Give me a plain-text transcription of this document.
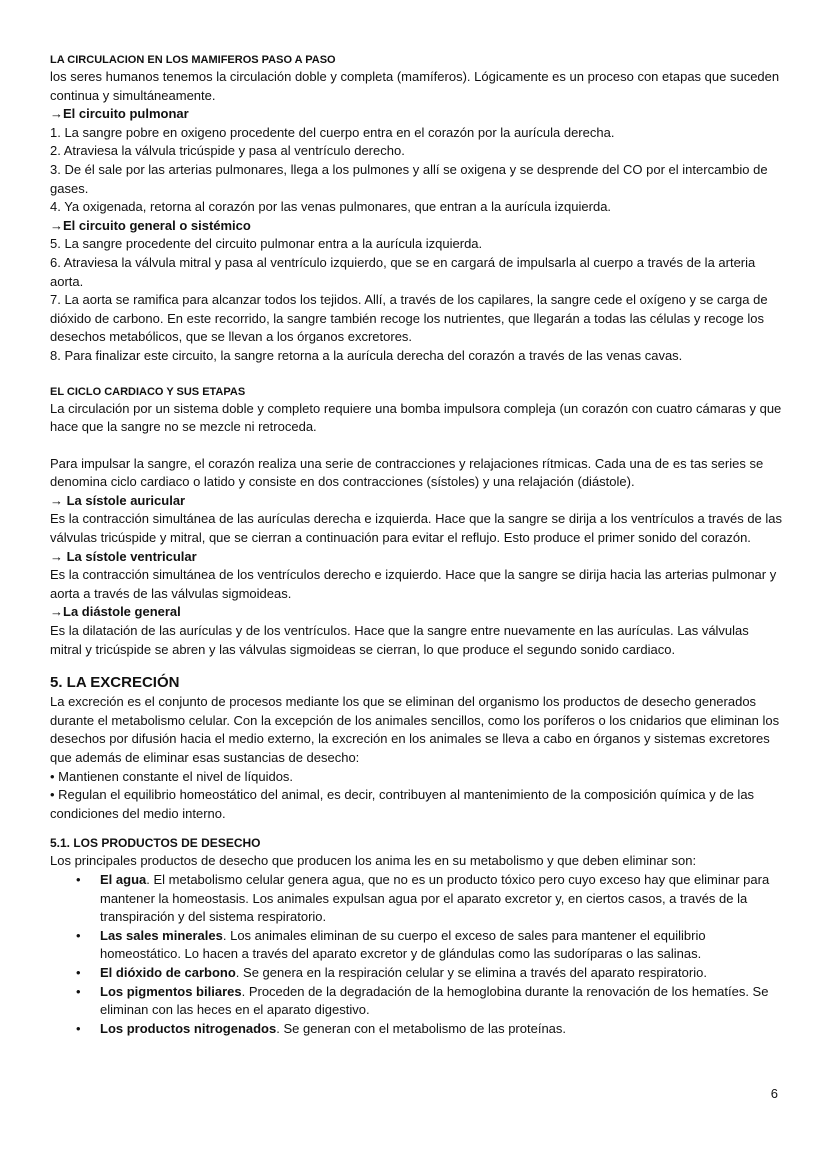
LA CIRCULACION EN LOS MAMIFEROS PASO A PASO

los seres humanos tenemos la circulación doble y completa (mamíferos). Lógicamente es un proceso con etapas que suceden continua y simultáneamente.

→El circuito pulmonar

1. La sangre pobre en oxigeno procedente del cuerpo entra en el corazón por la aurícula derecha.

2. Atraviesa la válvula tricúspide y pasa al ventrículo derecho.

3. De él sale por las arterias pulmonares, llega a los pulmones y allí se oxigena y se desprende del CO por el intercambio de gases.

4. Ya oxigenada, retorna al corazón por las venas pulmonares, que entran a la aurícula izquierda.

→El circuito general o sistémico

5. La sangre procedente del circuito pulmonar entra a la aurícula izquierda.

6. Atraviesa la válvula mitral y pasa al ventrículo izquierdo, que se en cargará de impulsarla al cuerpo a través de la arteria aorta.

7. La aorta se ramifica para alcanzar todos los tejidos. Allí, a través de los capilares, la sangre cede el oxígeno y se carga de dióxido de carbono. En este recorrido, la sangre también recoge los nutrientes, que llegarán a todas las células y recoge los desechos metabólicos, que se llevan a los órganos excretores.

8. Para finalizar este circuito, la sangre retorna a la aurícula derecha del corazón a través de las venas cavas.

EL CICLO CARDIACO Y SUS ETAPAS

La circulación por un sistema doble y completo requiere una bomba impulsora compleja (un corazón con cuatro cámaras y que hace que la sangre no se mezcle ni retroceda.

Para impulsar la sangre, el corazón realiza una serie de contracciones y relajaciones rítmicas. Cada una de es tas series se denomina ciclo cardiaco o latido y consiste en dos contracciones (sístoles) y una relajación (diástole).

→ La sístole auricular

Es la contracción simultánea de las aurículas derecha e izquierda. Hace que la sangre se dirija a los ventrículos a través de las válvulas tricúspide y mitral, que se cierran a continuación para evitar el reflujo. Esto produce el primer sonido del corazón.

→ La sístole ventricular

Es la contracción simultánea de los ventrículos derecho e izquierdo. Hace que la sangre se dirija hacia las arterias pulmonar y aorta a través de las válvulas sigmoideas.

→La diástole general

Es la dilatación de las aurículas y de los ventrículos. Hace que la sangre entre nuevamente en las aurículas. Las válvulas mitral y tricúspide se abren y las válvulas sigmoideas se cierran, lo que produce el segundo sonido cardiaco.

5. LA EXCRECIÓN

La excreción es el conjunto de procesos mediante los que se eliminan del organismo los productos de desecho generados durante el metabolismo celular. Con la excepción de los animales sencillos, como los poríferos o los cnidarios que eliminan los desechos por difusión hacia el medio externo, la excreción en los animales se lleva a cabo en órganos y sistemas excretores que además de eliminar esas sustancias de desecho:

• Mantienen constante el nivel de líquidos.

• Regulan el equilibrio homeostático del animal, es decir, contribuyen al mantenimiento de la composición química y de las condiciones del medio interno.

5.1. LOS PRODUCTOS DE DESECHO

Los principales productos de desecho que producen los anima les en su metabolismo y que deben eliminar son:

• El agua. El metabolismo celular genera agua, que no es un producto tóxico pero cuyo exceso hay que eliminar para mantener la homeostasis. Los animales expulsan agua por el aparato excretor y, en ciertos casos, a través de la transpiración y del sistema respiratorio.
• Las sales minerales. Los animales eliminan de su cuerpo el exceso de sales para mantener el equilibrio homeostático. Lo hacen a través del aparato excretor y de glándulas como las sudoríparas o las salinas.
• El dióxido de carbono. Se genera en la respiración celular y se elimina a través del aparato respiratorio.
• Los pigmentos biliares. Proceden de la degradación de la hemoglobina durante la renovación de los hematíes. Se eliminan con las heces en el aparato digestivo.
• Los productos nitrogenados. Se generan con el metabolismo de las proteínas.
6
